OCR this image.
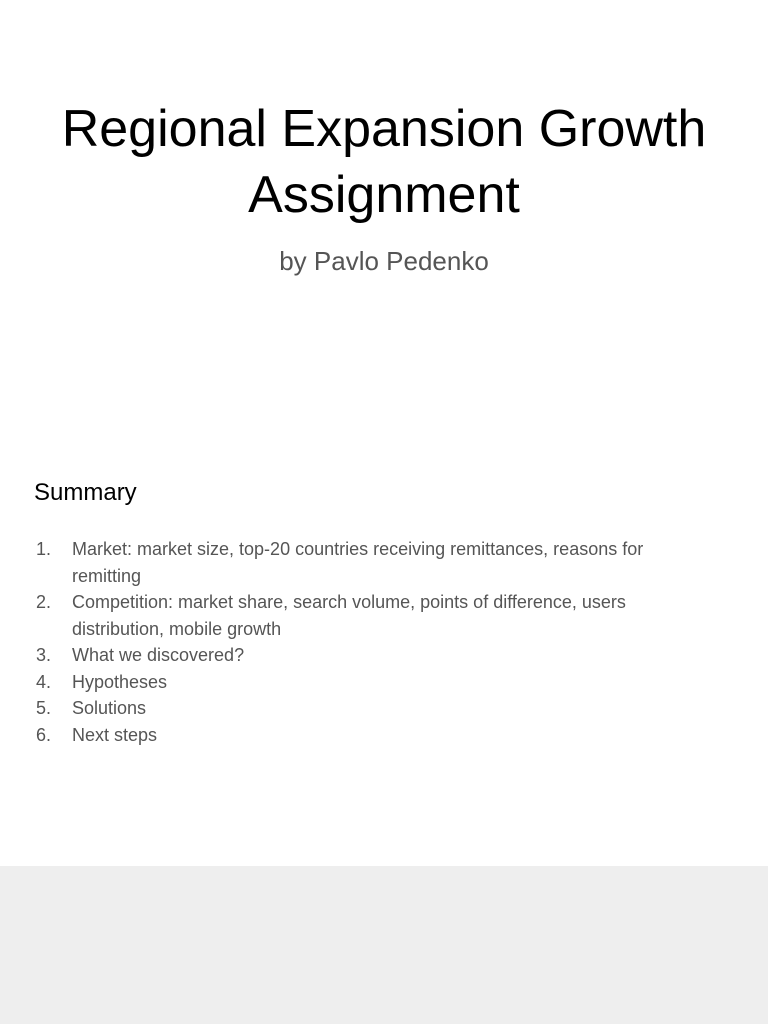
Regional Expansion Growth Assignment

by Pavlo Pedenko

Summary
1. Market: market size, top-20 countries receiving remittances, reasons for remitting
2. Competition: market share, search volume, points of difference, users distribution, mobile growth
3. What we discovered?
4. Hypotheses
5. Solutions
6. Next steps
